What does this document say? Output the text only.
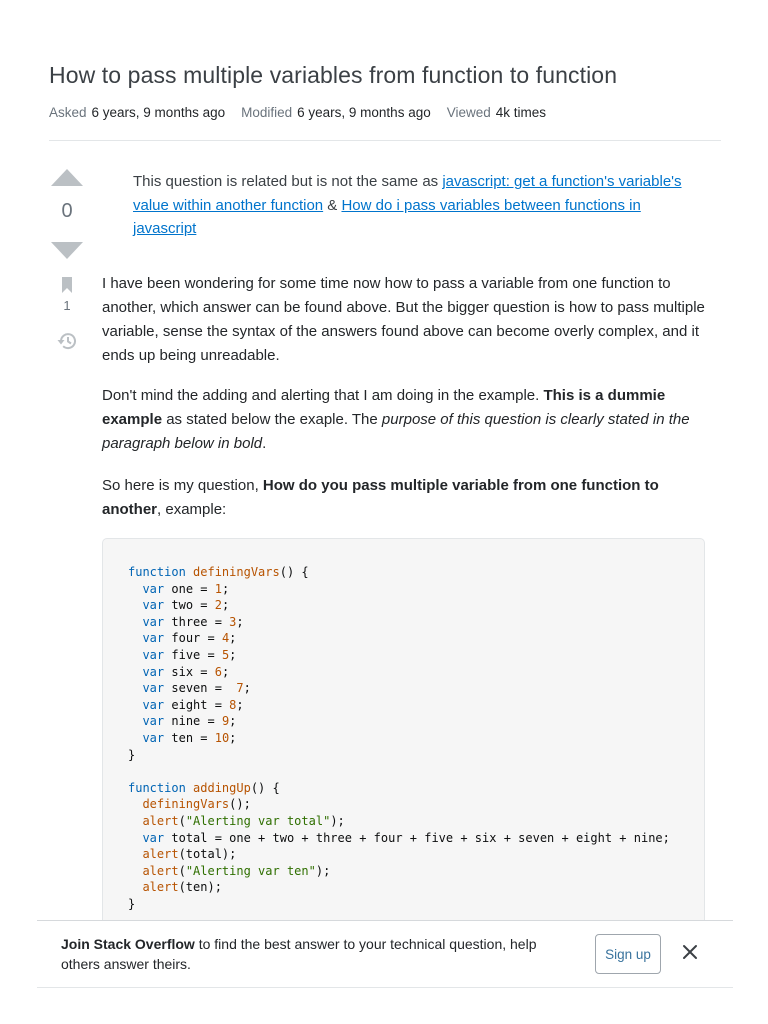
How to pass multiple variables from function to function
Asked 6 years, 9 months ago Modified 6 years, 9 months ago Viewed 4k times
0
1
This question is related but is not the same as javascript: get a function's variable's value within another function & How do i pass variables between functions in javascript

I have been wondering for some time now how to pass a variable from one function to another, which answer can be found above. But the bigger question is how to pass multiple variable, sense the syntax of the answers found above can become overly complex, and it ends up being unreadable.

Don't mind the adding and alerting that I am doing in the example. This is a dummie example as stated below the exaple. The purpose of this question is clearly stated in the paragraph below in bold.

So here is my question, How do you pass multiple variable from one function to another, example:

function definingVars() {
var one = 1;
var two = 2;
var three = 3;
var four = 4;
var five = 5;
var six = 6;
var seven =  7;
var eight = 8;
var nine = 9;
var ten = 10;
}

function addingUp() {
definingVars();
alert("Alerting var total");
var total = one + two + three + four + five + six + seven + eight + nine;
alert(total);
alert("Alerting var ten");
alert(ten);
}
Join Stack Overflow to find the best answer to your technical question, help others answer theirs.
Sign up
